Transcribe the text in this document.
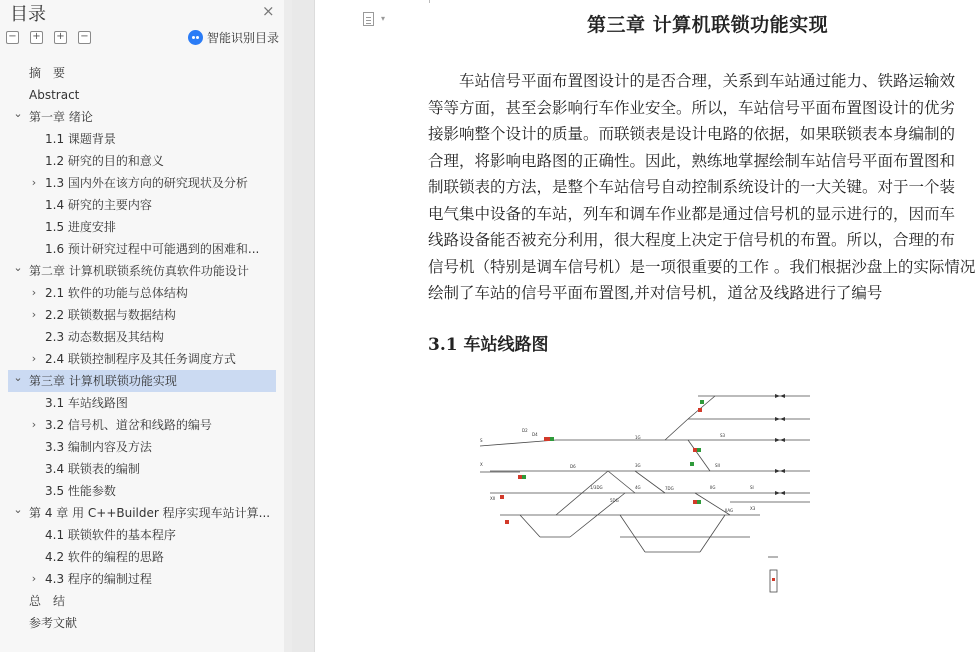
目录	×
− + + −	智能识别目录
摘　要
Abstract
⌄ 第一章 绪论
1.1 课题背景
1.2 研究的目的和意义
› 1.3 国内外在该方向的研究现状及分析
1.4 研究的主要内容
1.5 进度安排
1.6 预计研究过程中可能遇到的困难和...
⌄ 第二章 计算机联锁系统仿真软件功能设计
› 2.1 软件的功能与总体结构
› 2.2 联锁数据与数据结构
2.3 动态数据及其结构
› 2.4 联锁控制程序及其任务调度方式
⌄ 第三章 计算机联锁功能实现
3.1 车站线路图
› 3.2 信号机、道岔和线路的编号
3.3 编制内容及方法
3.4 联锁表的编制
3.5 性能参数
⌄ 第 4 章 用 C++Builder 程序实现车站计算...
4.1 联锁软件的基本程序
4.2 软件的编程的思路
› 4.3 程序的编制过程
总　结
参考文献
▾	第三章 计算机联锁功能实现
车站信号平面布置图设计的是否合理，关系到车站通过能力、铁路运输效
等等方面，甚至会影响行车作业安全。所以，车站信号平面布置图设计的优劣
接影响整个设计的质量。而联锁表是设计电路的依据，如果联锁表本身编制的
合理，将影响电路图的正确性。因此，熟练地掌握绘制车站信号平面布置图和
制联锁表的方法，是整个车站信号自动控制系统设计的一大关键。对于一个装
电气集中设备的车站，列车和调车作业都是通过信号机的显示进行的，因而车
线路设备能否被充分利用，很大程度上决定于信号机的布置。所以，合理的布
信号机（特别是调车信号机）是一项很重要的工作 。我们根据沙盘上的实际情况
绘制了车站的信号平面布置图,并对信号机，道岔及线路进行了编号
3.1 车站线路图
D4
X
S
D6
1G
3G
4G
D2
IIG
XII
1/3DG
5DG
7DG
IIAG
S3
SII
SI
X3
